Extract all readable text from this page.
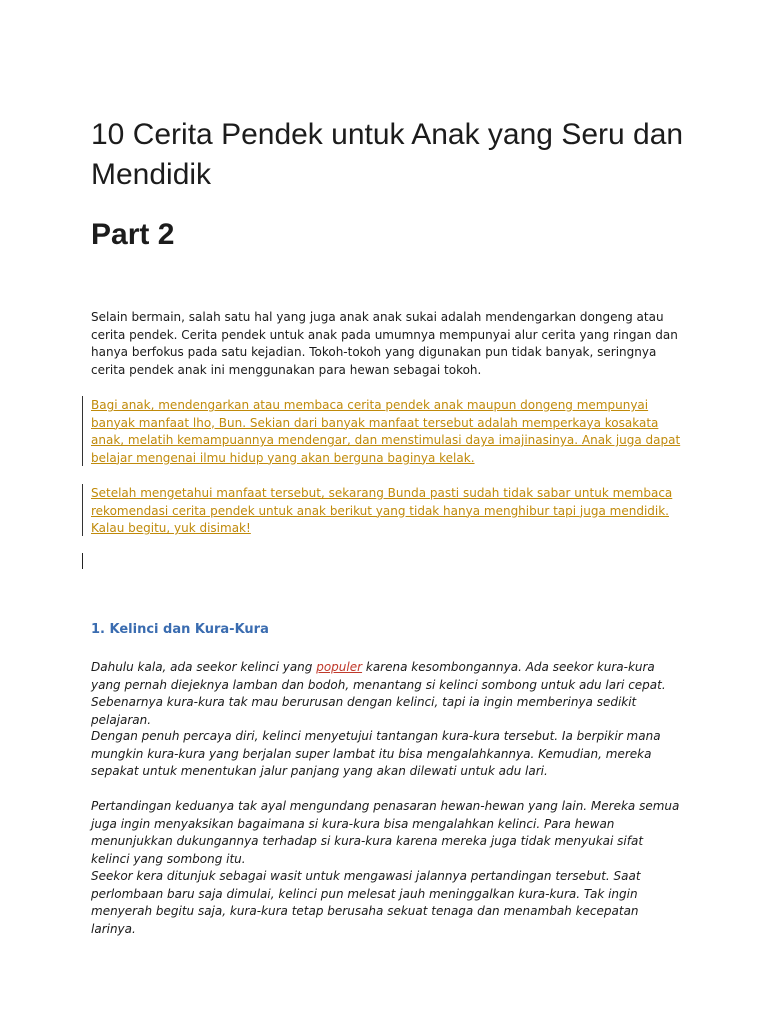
10 Cerita Pendek untuk Anak yang Seru dan Mendidik
Part 2

Selain bermain, salah satu hal yang juga anak anak sukai adalah mendengarkan dongeng atau cerita pendek. Cerita pendek untuk anak pada umumnya mempunyai alur cerita yang ringan dan hanya berfokus pada satu kejadian. Tokoh-tokoh yang digunakan pun tidak banyak, seringnya cerita pendek anak ini menggunakan para hewan sebagai tokoh.

Bagi anak, mendengarkan atau membaca cerita pendek anak maupun dongeng mempunyai banyak manfaat lho, Bun. Sekian dari banyak manfaat tersebut adalah memperkaya kosakata anak, melatih kemampuannya mendengar, dan menstimulasi daya imajinasinya. Anak juga dapat belajar mengenai ilmu hidup yang akan berguna baginya kelak.

Setelah mengetahui manfaat tersebut, sekarang Bunda pasti sudah tidak sabar untuk membaca rekomendasi cerita pendek untuk anak berikut yang tidak hanya menghibur tapi juga mendidik. Kalau begitu, yuk disimak!

1. Kelinci dan Kura-Kura

Dahulu kala, ada seekor kelinci yang populer karena kesombongannya. Ada seekor kura-kura yang pernah diejeknya lamban dan bodoh, menantang si kelinci sombong untuk adu lari cepat. Sebenarnya kura-kura tak mau berurusan dengan kelinci, tapi ia ingin memberinya sedikit pelajaran.

Dengan penuh percaya diri, kelinci menyetujui tantangan kura-kura tersebut. Ia berpikir mana mungkin kura-kura yang berjalan super lambat itu bisa mengalahkannya. Kemudian, mereka sepakat untuk menentukan jalur panjang yang akan dilewati untuk adu lari.

Pertandingan keduanya tak ayal mengundang penasaran hewan-hewan yang lain. Mereka semua juga ingin menyaksikan bagaimana si kura-kura bisa mengalahkan kelinci. Para hewan menunjukkan dukungannya terhadap si kura-kura karena mereka juga tidak menyukai sifat kelinci yang sombong itu.

Seekor kera ditunjuk sebagai wasit untuk mengawasi jalannya pertandingan tersebut. Saat perlombaan baru saja dimulai, kelinci pun melesat jauh meninggalkan kura-kura. Tak ingin menyerah begitu saja, kura-kura tetap berusaha sekuat tenaga dan menambah kecepatan larinya.
